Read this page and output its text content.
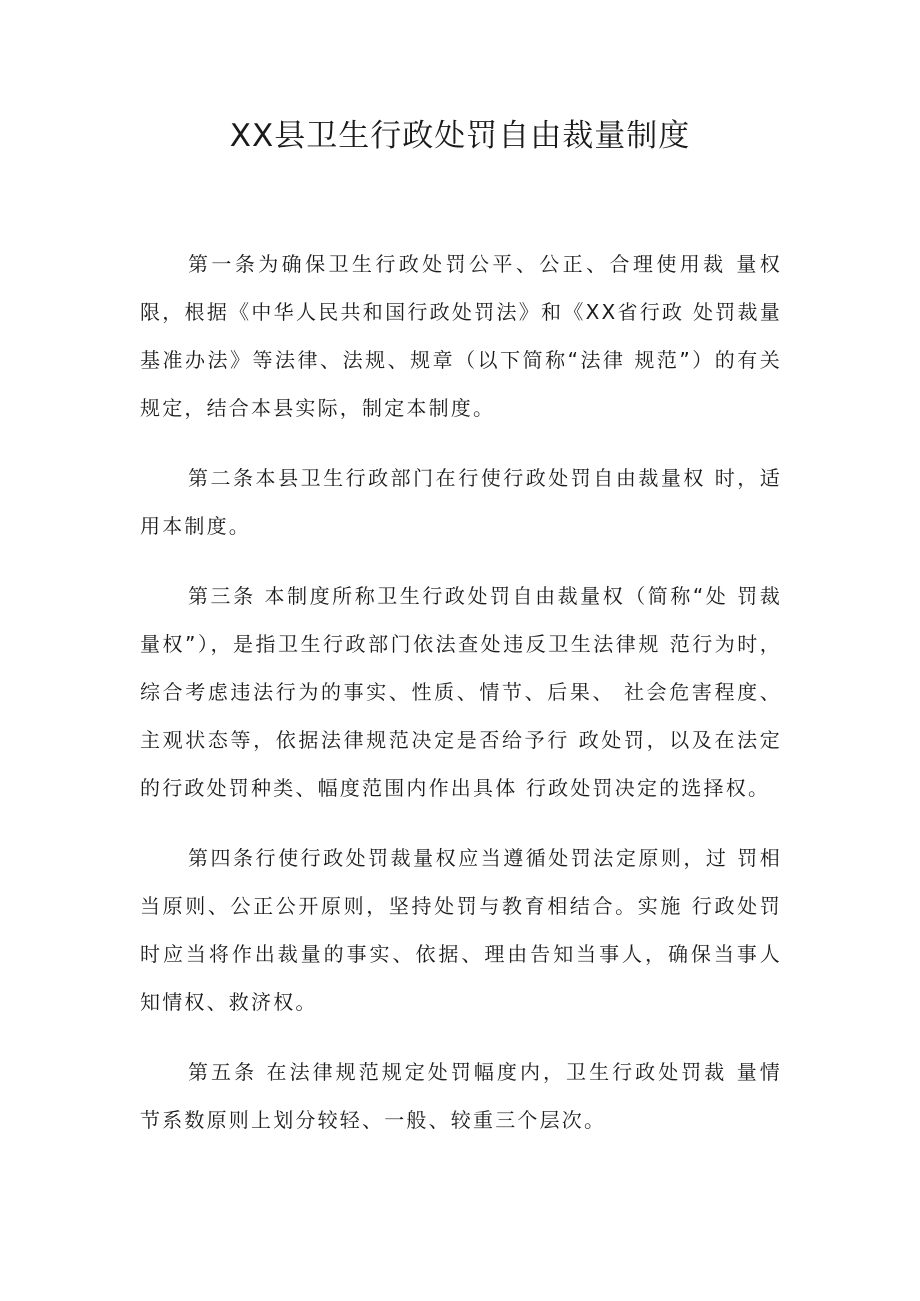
XX县卫生行政处罚自由裁量制度

第一条为确保卫生行政处罚公平、公正、合理使用裁 量权限，根据《中华人民共和国行政处罚法》和《XX省行政 处罚裁量基准办法》等法律、法规、规章（以下简称“法律 规范”）的有关规定，结合本县实际，制定本制度。

第二条本县卫生行政部门在行使行政处罚自由裁量权 时，适用本制度。

第三条 本制度所称卫生行政处罚自由裁量权（简称“处 罚裁量权”），是指卫生行政部门依法查处违反卫生法律规 范行为时，综合考虑违法行为的事实、性质、情节、后果、 社会危害程度、主观状态等，依据法律规范决定是否给予行 政处罚，以及在法定的行政处罚种类、幅度范围内作出具体 行政处罚决定的选择权。

第四条行使行政处罚裁量权应当遵循处罚法定原则，过 罚相当原则、公正公开原则，坚持处罚与教育相结合。实施 行政处罚时应当将作出裁量的事实、依据、理由告知当事人，确保当事人知情权、救济权。

第五条 在法律规范规定处罚幅度内，卫生行政处罚裁 量情节系数原则上划分较轻、一般、较重三个层次。
